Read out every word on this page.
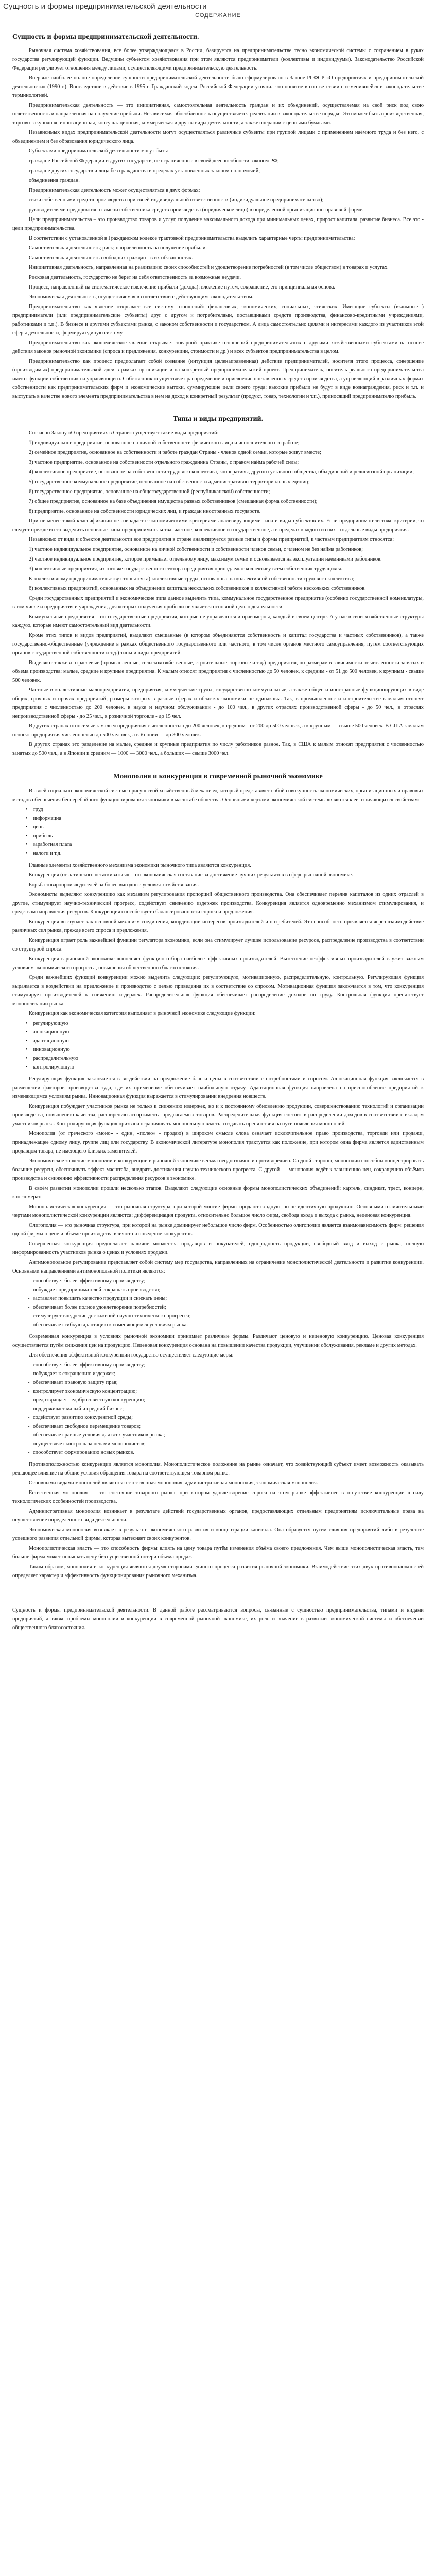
Сущность и формы предпринимательской деятельности
СОДЕРЖАНИЕ
Сущность и формы предпринимательской деятельности.

Рыночная система хозяйствования, все более утверждающаяся в России, базируется на предпринимательстве тесно экономической системы с сохранением в руках государства регулирующей функции. Ведущим субъектом хозяйствования при этом являются предприниматели (коллективы и индивидуумы). Законодательство Российской Федерации регулирует отношения между лицами, осуществляющими предпринимательскую деятельность.

Впервые наиболее полное определение сущности предпринимательской деятельности было сформулировано в Законе РСФСР «О предприятиях и предпринимательской деятельности» (1990 г.). Впоследствии в действие в 1995 г. Гражданский кодекс Российской Федерации уточнил это понятие в соответствии с изменившейся в законодательстве терминологией.

Предпринимательская деятельность — это инициативная, самостоятельная деятельность граждан и их объединений, осуществляемая на свой риск под свою ответственность и направленная на получение прибыли. Независимая обособленность осуществляется реализации в законодательстве порядке. Это может быть производственная, торгово-закупочная, инновационная, консультационная, коммерческая и другая виды деятельности, а также операции с ценными бумагами.

Независимых видах предпринимательской деятельности могут осуществляться различные субъекты при группой лицами с применением наёмного труда и без него, с объединением и без образования юридического лица.

Субъектами предпринимательской деятельности могут быть:

граждане Российской Федерации и других государств, не ограниченные в своей дееспособности законом РФ;

граждане других государств и лица без гражданства в пределах установленных законом полномочий;

объединения граждан.

Предпринимательская деятельность может осуществляться в двух формах:

связи собственными средств производства при своей индивидуальной ответственности (индивидуальное предпринимательство);

руководителями предприятия от имени собственника средств производства (юридическое лицо) в определённой организационно-правовой форме.

Цели предпринимательства – это производство товаров и услуг, получение максимального дохода при минимальных ценах, прирост капитала, развитие бизнеса. Все это - цели предпринимательства.

В соответствии с установленной в Гражданском кодексе трактовкой предпринимательства выделить характерные черты предпринимательства:

Самостоятельная деятельность; риск; направленность на получение прибыли.

Самостоятельная деятельность свободных граждан - в их обязанностях.

Инициативная деятельность, направленная на реализацию своих способностей и удовлетворение потребностей (в том числе обществом) в товарах и услугах.

Рисковая деятельность, государство не берет на себя ответственность за возможные неудачи.

Процесс, направленный на систематическое извлечение прибыли (дохода): вложение путем, сокращение, его принципиальная основа.

Экономическая деятельность, осуществляемая в соответствии с действующим законодательством.

Предпринимательство как явление открывает все систему отношений: финансовых, экономических, социальных, этических. Имеющие субъекты (взаимные ) предприниматели (или предпринимательские субъекты) друг с другом и потребителями, поставщиками средств производства, финансово-кредитными учреждениями, работниками и т.п.). В бизнесе и другими субъектами рынка, с законом собственности и государством. А лица самостоятельно целями и интересами каждого из участников этой сферы деятельности, формируя единую систему.

Предпринимательство как экономическое явление открывает товарной практике отношений предпринимательских с другими хозяйственными субъектами на основе действия законов рыночной экономики (спроса и предложения, конкуренции, стоимости и др.) и всех субъектов предпринимательства в целом.

Предпринимательство как процесс предполагает собой сознание (интуиция целенаправленная) действие предпринимателей, носителя этого процесса, совершение (производимых) предпринимательской идеи в рамках организации и на конкретный предпринимательский проект. Предприниматель, носитель реального предпринимательства имеют функции собственника и управляющего. Собственник осуществляет распределение и присвоение поставленных средств производства, а управляющий в различных формах собственности как предпринимательских фирм и экономические вытоки, суммирующие цели своего труда: высокие прибыли не будут в виде вознаграждения, риск и т.п. и выступать в качестве нового элемента предпринимательства в нем на доход к конкретный результат (продукт, товар, технологии и т.п.), приносящий предпринимателю прибыль.

Типы и виды предприятий.

Согласно Закону «О предприятиях в Стране» существует такие виды предприятий:

1) индивидуальное предприятие, основанное на личной собственности физического лица и исполнительно его работе;

2) семейное предприятие, основанное на собственности и работе граждан Страны - членов одной семьи, которые живут вместе;

3) частное предприятие, основанное на собственности отдельного гражданина Страны, с правом найма рабочей силы;

4) коллективное предприятие, основанное на собственности трудового коллектива, кооперативы, другого уставного общества, объединений и религиозной организации;

5) государственное коммунальное предприятие, основанное на собственности административно-территориальных единиц;

6) государственное предприятие, основанное на общегосударственной (республиканской) собственности;

7) общее предприятие, основанное на базе объединения имущества разных собственников (смешанная форма собственности);

8) предприятие, основанное на собственности юридических лиц, и граждан иностранных государств.

При не менее такой классификации не совпадает с экономическими критериями анализиру-ющими типа и виды субъектов их. Если предприниматели тоже критерии, то следует прежде всего выделить основные типы предпринимательства: частное, коллективное и государственное, а в пределах каждого из них - отдельные виды предприятия.

Независимо от вида и объектов деятельности все предприятия в стране анализируется разные типы и формы предприятий, к частным предприятиям относятся:

1) частное индивидуальное предприятие, основанное на личной собственности и собственности членов семьи, с членом не без найма работников;

2) частное индивидуальное предприятие, которое примыкает отдельному лицу, максимум семьи и основывается на эксплуатации наемниками работников.

3) коллективные предприятия, из того же государственного сектора предприятия принадлежат коллективу всем собственник трудящихся.

К коллективному предпринимательству относятся: а) коллективные труды, основанные на коллективной собственности трудового коллектива;

б) коллективных предприятий, основанных на объединении капитала нескольких собственников и коллективной работе нескольких собственников.

Среди государственных предприятий и экономические типа данное выделить типа, коммунальное государственное предприятие (особенно государственной номенклатуры, в том числе и предприятия и учреждения, для которых получения прибыли не является основной целью деятельности.

Коммунальные предприятия - это государственные предприятия, которые не управляются и правомерны, каждый в своем центре. А у нас в свои хозяйственные структуры каждую, которые имеют самостоятельный вид деятельности.

Кроме этих типов и видов предприятий, выделяют смешанные (в котором объединяются собственность и капитал государства и частных собственников), а также государственно-общественные (учреждение в рамках общественного государственного или частного, в том числе органов местного самоуправления, путем соответствующих органов государственной собственности и т.д.) типы и виды предприятий.

Выделяют также и отраслевые (промышленные, сельскохозяйственные, строительные, торговые и т.д.) предприятия, по размерам в зависимости от численности занятых и объема производства: малые, средние и крупные предприятия. К малым относят предприятия с численностью до 50 человек, к средним - от 51 до 500 человек, к крупным - свыше 500 человек.

Частные и коллективные малопредприятия, предприятия, коммерческие труды, государственно-коммунальные, а также общее и иностранные функционирующих в виде общих, срочных и прочих предприятий; размеры которых в разные сферах и областях экономики не одинаковы. Так, в промышленности и строительстве к малым относят предприятия с численностью до 200 человек, в науке и научном обслуживании - до 100 чел., в других отраслях производственной сферы - до 50 чел., в отраслях непроизводственной сферы - до 25 чел., в розничной торговле - до 15 чел.

В других странах относимые к малым предприятия с численностью до 200 человек, к средним - от 200 до 500 человек, а к крупным — свыше 500 человек. В США к малым относят предприятия численностью до 500 человек, а в Японии — до 300 человек.

В других странах это разделение на малые, средние и крупные предприятия по числу работников разное. Так, в США к малым относят предприятия с численностью занятых до 500 чел., а в Японии к средним — 1000 — 3000 чел., а больших — свыше 3000 чел.

Монополия и конкуренция в современной рыночной экономике

В своей социально-экономической системе присущ свой хозяйственный механизм, который представляет собой совокупность экономических, организационных и правовых методов обеспечения бесперебойного функционирования экономики в масштабе общества. Основными чертами экономической системы являются к ее отличающихся свойствам:

• труд
• информация
• цены
• прибыль
• заработная плата
• налоги и т.д.

Главные элементы хозяйственного механизма экономики рыночного типа являются конкуренция.

Конкуренция (от латинского «стаскиваться» - это экономическая состязание за достижение лучших результатов в сфере рыночной экономике.

Борьба товаропроизводителей за более выгодные условия хозяйствования.

Экономисты выделяют конкуренцию как механизм регулирования пропорций общественного производства. Она обеспечивает перелив капиталов из одних отраслей в другие, стимулирует научно-технический прогресс, содействует снижению издержек производства. Конкуренция является одновременно механизмом стимулирования, и средством направления ресурсов. Конкуренция способствует сбалансированности спроса и предложения.

Конкуренция выступает как основной механизм соединения, координации интересов производителей и потребителей. Эта способность проявляется через взаимодействие различных сил рынка, прежде всего спроса и предложения.

Конкуренция играет роль важнейшей функции регулятора экономики, если она стимулирует лучшее использование ресурсов, распределение производства в соответствии со структурой спроса.

Конкуренция в рыночной экономике выполняет функцию отбора наиболее эффективных производителей. Вытеснение неэффективных производителей служит важным условием экономического прогресса, повышения общественного благосостояния.

Среди важнейших функций конкуренции можно выделить следующие: регулирующую, мотивационную, распределительную, контрольную. Регулирующая функция выражается в воздействии на предложение и производство с целью приведения их в соответствие со спросом. Мотивационная функция заключается в том, что конкуренция стимулирует производителей к снижению издержек. Распределительная функция обеспечивает распределение доходов по труду. Контрольная функция препятствует монополизации рынка.

Конкуренция как экономическая категория выполняет в рыночной экономике следующие функции:

• регулирующую
• аллокационную
• адаптационную
• инновационную
• распределительную
• контролирующую

Регулирующая функция заключается в воздействии на предложение благ и цены в соответствии с потребностями и спросом. Аллокационная функция заключается в размещении факторов производства туда, где их применение обеспечивает наибольшую отдачу. Адаптационная функция направлена на приспособление предприятий к изменяющимся условиям рынка. Инновационная функция выражается в стимулировании внедрения новшеств.

Конкуренция побуждает участников рынка не только к снижению издержек, но и к постоянному обновлению продукции, совершенствованию технологий и организации производства, повышению качества, расширению ассортимента предлагаемых товаров. Распределительная функция состоит в распределении доходов в соответствии с вкладом участников рынка. Контролирующая функция призвана ограничивать монопольную власть, создавать препятствия на пути появления монополий.

Монополия (от греческого «моно» - один, «полео» - продаю) в широком смысле слова означает исключительное право производства, торговли или продажи, принадлежащее одному лицу, группе лиц или государству. В экономической литературе монополия трактуется как положение, при котором одна фирма является единственным продавцом товара, не имеющего близких заменителей.

Экономическое значение монополии и конкуренции в рыночной экономике весьма неоднозначно и противоречиво. С одной стороны, монополии способны концентрировать большие ресурсы, обеспечивать эффект масштаба, внедрять достижения научно-технического прогресса. С другой — монополия ведёт к завышению цен, сокращению объёмов производства и снижению эффективности распределения ресурсов в экономике.

В своём развитии монополии прошли несколько этапов. Выделяют следующие основные формы монополистических объединений: картель, синдикат, трест, концерн, конгломерат.

Монополистическая конкуренция — это рыночная структура, при которой многие фирмы продают сходную, но не идентичную продукцию. Основными отличительными чертами монополистической конкуренции являются: дифференциация продукта, относительно большое число фирм, свобода входа и выхода с рынка, неценовая конкуренция.

Олигополия — это рыночная структура, при которой на рынке доминирует небольшое число фирм. Особенностью олигополии является взаимозависимость фирм: решения одной фирмы о цене и объёме производства влияют на поведение конкурентов.

Совершенная конкуренция предполагает наличие множества продавцов и покупателей, однородность продукции, свободный вход и выход с рынка, полную информированность участников рынка о ценах и условиях продажи.

Антимонопольное регулирование представляет собой систему мер государства, направленных на ограничение монополистической деятельности и развитие конкуренции. Основными направлениями антимонопольной политики являются:

- способствует более эффективному производству;
- побуждает предпринимателей сокращать производство;
- заставляет повышать качество продукции и снижать цены;
- обеспечивает более полное удовлетворение потребностей;
- стимулирует внедрение достижений научно-технического прогресса;
- обеспечивает гибкую адаптацию к изменяющимся условиям рынка.

Современная конкуренция в условиях рыночной экономики принимает различные формы. Различают ценовую и неценовую конкуренцию. Ценовая конкуренция осуществляется путём снижения цен на продукцию. Неценовая конкуренция основана на повышении качества продукции, улучшении обслуживания, рекламе и других методах.

Для обеспечения эффективной конкуренции государство осуществляет следующие меры:

- способствует более эффективному производству;
- побуждает к сокращению издержек;
- обеспечивает правовую защиту прав;
- контролирует экономическую концентрацию;
- предотвращает недобросовестную конкуренцию;
- поддерживает малый и средний бизнес;
- содействует развитию конкурентной среды;
- обеспечивает свободное перемещение товаров;
- обеспечивает равные условия для всех участников рынка;
- осуществляет контроль за ценами монополистов;
- способствует формированию новых рынков.

Противоположностью конкуренции является монополия. Монополистическое положение на рынке означает, что хозяйствующий субъект имеет возможность оказывать решающее влияние на общие условия обращения товара на соответствующем товарном рынке.

Основными видами монополий являются: естественная монополия, административная монополия, экономическая монополия.

Естественная монополия — это состояние товарного рынка, при котором удовлетворение спроса на этом рынке эффективнее в отсутствие конкуренции в силу технологических особенностей производства.

Административная монополия возникает в результате действий государственных органов, предоставляющих отдельным предприятиям исключительные права на осуществление определённого вида деятельности.

Экономическая монополия возникает в результате экономического развития и концентрации капитала. Она образуется путём слияния предприятий либо в результате успешного развития отдельной фирмы, которая вытесняет своих конкурентов.

Монополистическая власть — это способность фирмы влиять на цену товара путём изменения объёма своего предложения. Чем выше монополистическая власть, тем больше фирма может повышать цену без существенной потери объёма продаж.

Таким образом, монополия и конкуренция являются двумя сторонами единого процесса развития рыночной экономики. Взаимодействие этих двух противоположностей определяет характер и эффективность функционирования рыночного механизма.

Сущность и формы предпринимательской деятельности. В данной работе рассматриваются вопросы, связанные с сущностью предпринимательства, типами и видами предприятий, а также проблемы монополии и конкуренции в современной рыночной экономике, их роль и значение в развитии экономической системы и обеспечении общественного благосостояния.
